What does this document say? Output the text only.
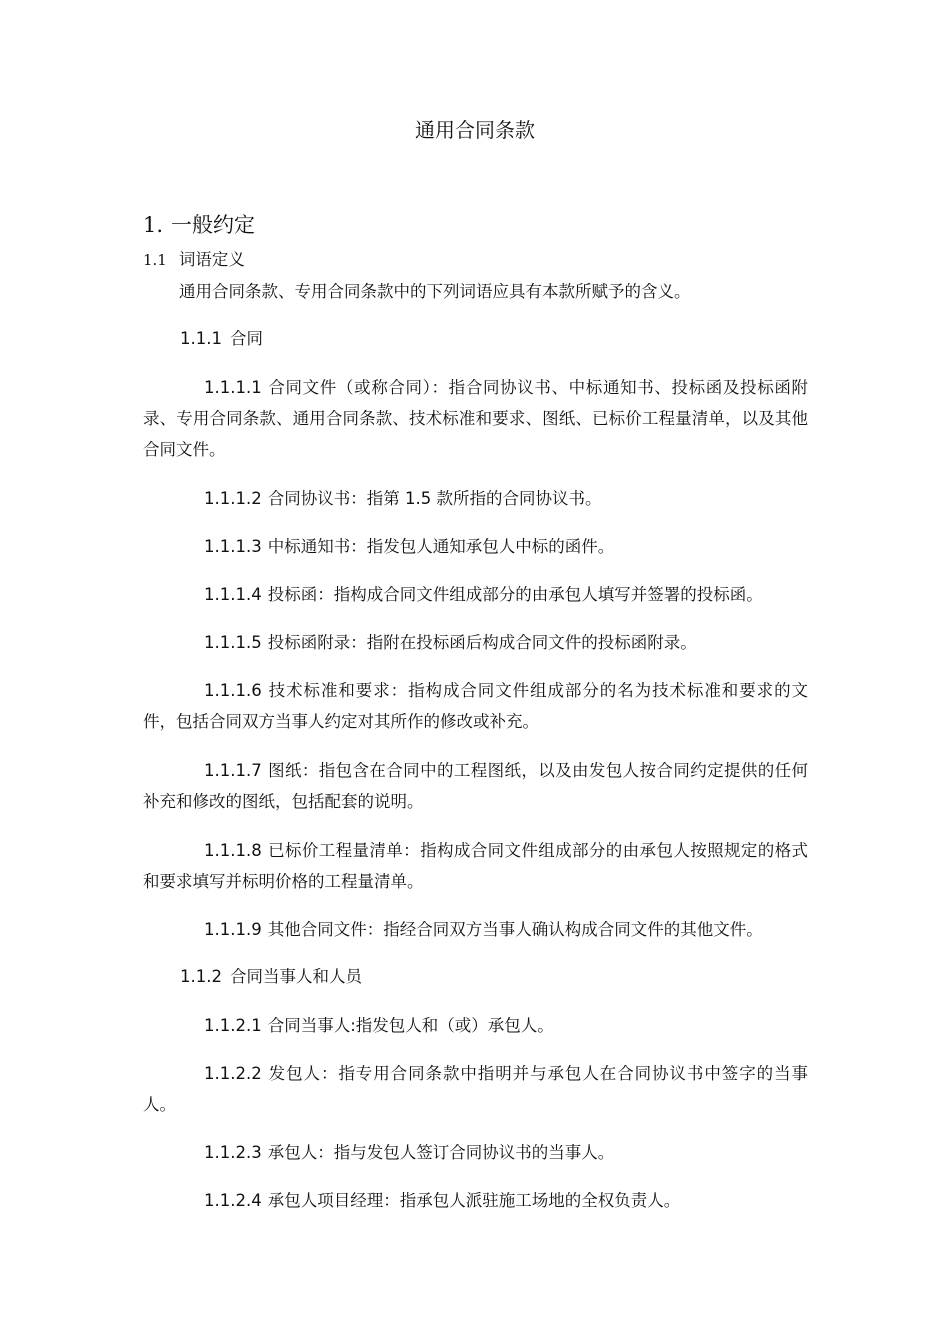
通用合同条款
1. 一般约定
1.1 词语定义
通用合同条款、专用合同条款中的下列词语应具有本款所赋予的含义。
1.1.1 合同
1.1.1.1 合同文件（或称合同）：指合同协议书、中标通知书、投标函及投标函附录、专用合同条款、通用合同条款、技术标准和要求、图纸、已标价工程量清单，以及其他合同文件。
1.1.1.2 合同协议书：指第 1.5 款所指的合同协议书。
1.1.1.3 中标通知书：指发包人通知承包人中标的函件。
1.1.1.4 投标函：指构成合同文件组成部分的由承包人填写并签署的投标函。
1.1.1.5 投标函附录：指附在投标函后构成合同文件的投标函附录。
1.1.1.6 技术标准和要求：指构成合同文件组成部分的名为技术标准和要求的文件，包括合同双方当事人约定对其所作的修改或补充。
1.1.1.7 图纸：指包含在合同中的工程图纸，以及由发包人按合同约定提供的任何补充和修改的图纸，包括配套的说明。
1.1.1.8 已标价工程量清单：指构成合同文件组成部分的由承包人按照规定的格式和要求填写并标明价格的工程量清单。
1.1.1.9 其他合同文件：指经合同双方当事人确认构成合同文件的其他文件。
1.1.2 合同当事人和人员
1.1.2.1 合同当事人:指发包人和（或）承包人。
1.1.2.2 发包人：指专用合同条款中指明并与承包人在合同协议书中签字的当事人。
1.1.2.3 承包人：指与发包人签订合同协议书的当事人。
1.1.2.4 承包人项目经理：指承包人派驻施工场地的全权负责人。
